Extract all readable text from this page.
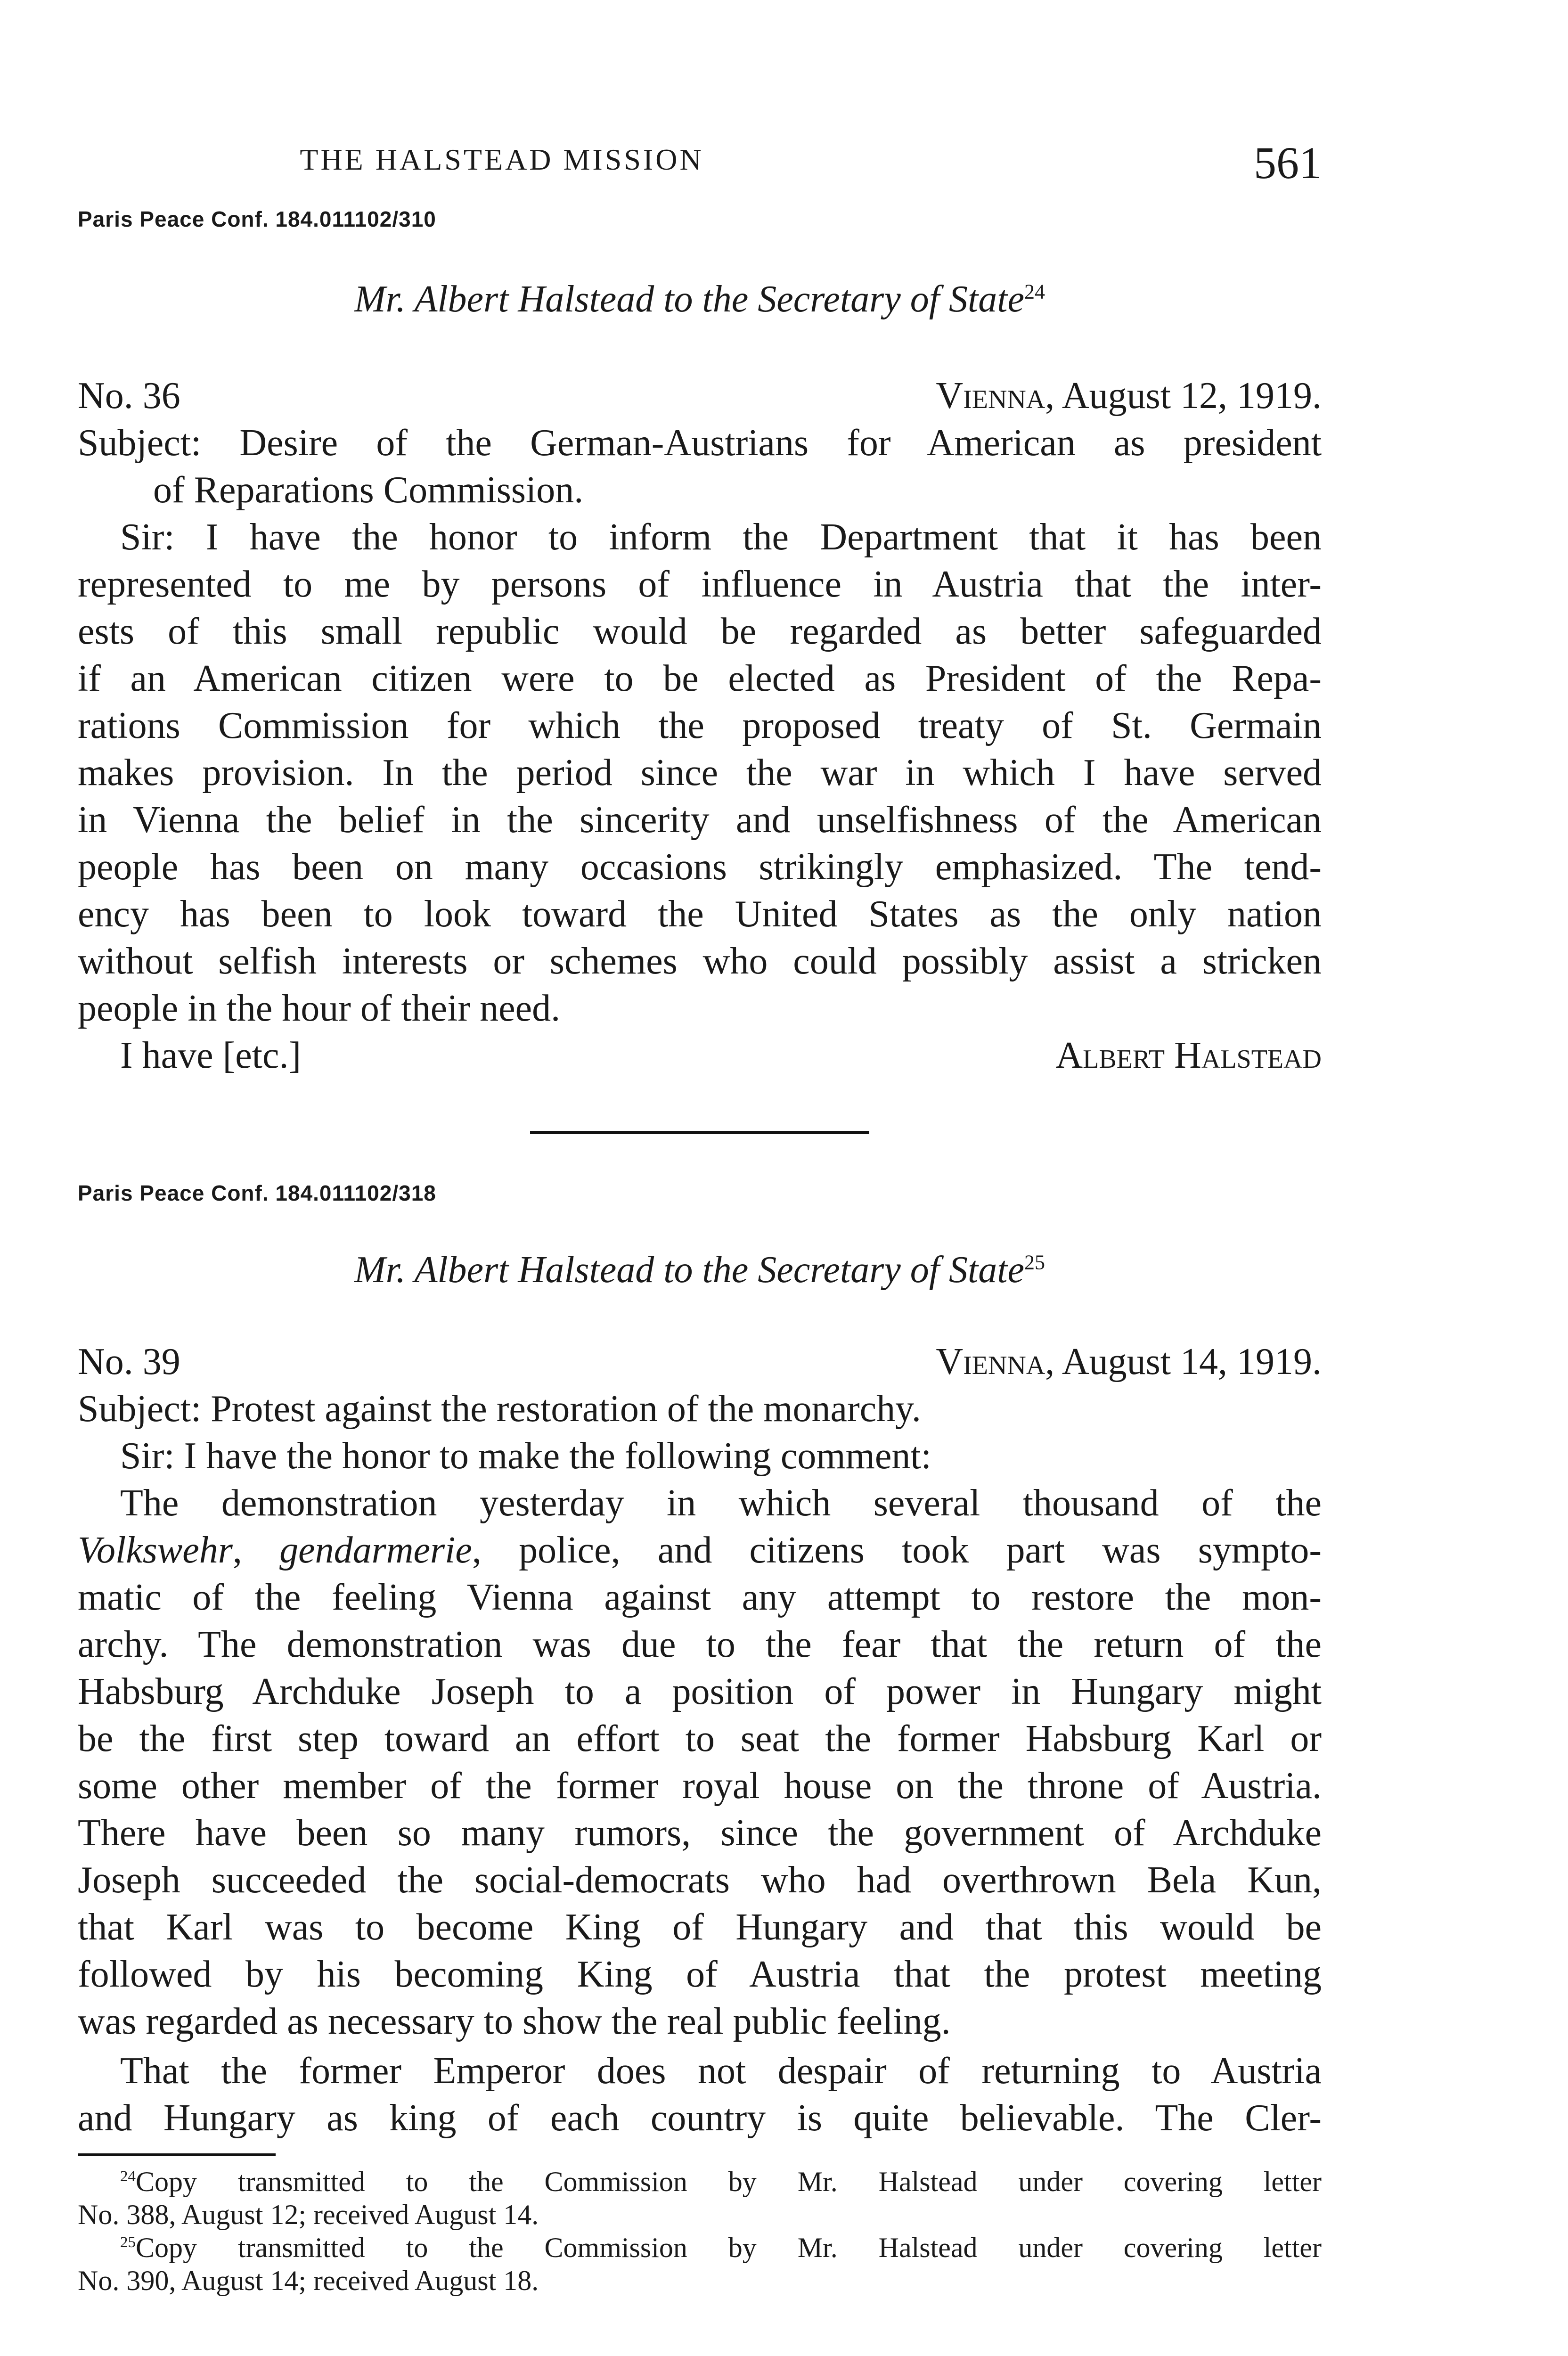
THE HALSTEAD MISSION	561
Paris Peace Conf. 184.011102/310
Mr. Albert Halstead to the Secretary of State$^{24}$
No. 36	Vienna, August 12, 1919.
Subject: Desire of the German-Austrians for American as president
of Reparations Commission.
Sir: I have the honor to inform the Department that it has been
represented to me by persons of influence in Austria that the inter-
ests of this small republic would be regarded as better safeguarded
if an American citizen were to be elected as President of the Repa-
rations Commission for which the proposed treaty of St. Germain
makes provision. In the period since the war in which I have served
in Vienna the belief in the sincerity and unselfishness of the American
people has been on many occasions strikingly emphasized. The tend-
ency has been to look toward the United States as the only nation
without selfish interests or schemes who could possibly assist a stricken
people in the hour of their need.
I have [etc.]	Albert Halstead
Paris Peace Conf. 184.011102/318
Mr. Albert Halstead to the Secretary of State$^{25}$
No. 39	Vienna, August 14, 1919.
Subject: Protest against the restoration of the monarchy.
Sir: I have the honor to make the following comment:
The demonstration yesterday in which several thousand of the
Volkswehr, gendarmerie, police, and citizens took part was sympto-
matic of the feeling Vienna against any attempt to restore the mon-
archy. The demonstration was due to the fear that the return of the
Habsburg Archduke Joseph to a position of power in Hungary might
be the first step toward an effort to seat the former Habsburg Karl or
some other member of the former royal house on the throne of Austria.
There have been so many rumors, since the government of Archduke
Joseph succeeded the social-democrats who had overthrown Bela Kun,
that Karl was to become King of Hungary and that this would be
followed by his becoming King of Austria that the protest meeting
was regarded as necessary to show the real public feeling.
That the former Emperor does not despair of returning to Austria
and Hungary as king of each country is quite believable. The Cler-
$^{24}$Copy transmitted to the Commission by Mr. Halstead under covering letter
No. 388, August 12; received August 14.
$^{25}$Copy transmitted to the Commission by Mr. Halstead under covering letter
No. 390, August 14; received August 18.
